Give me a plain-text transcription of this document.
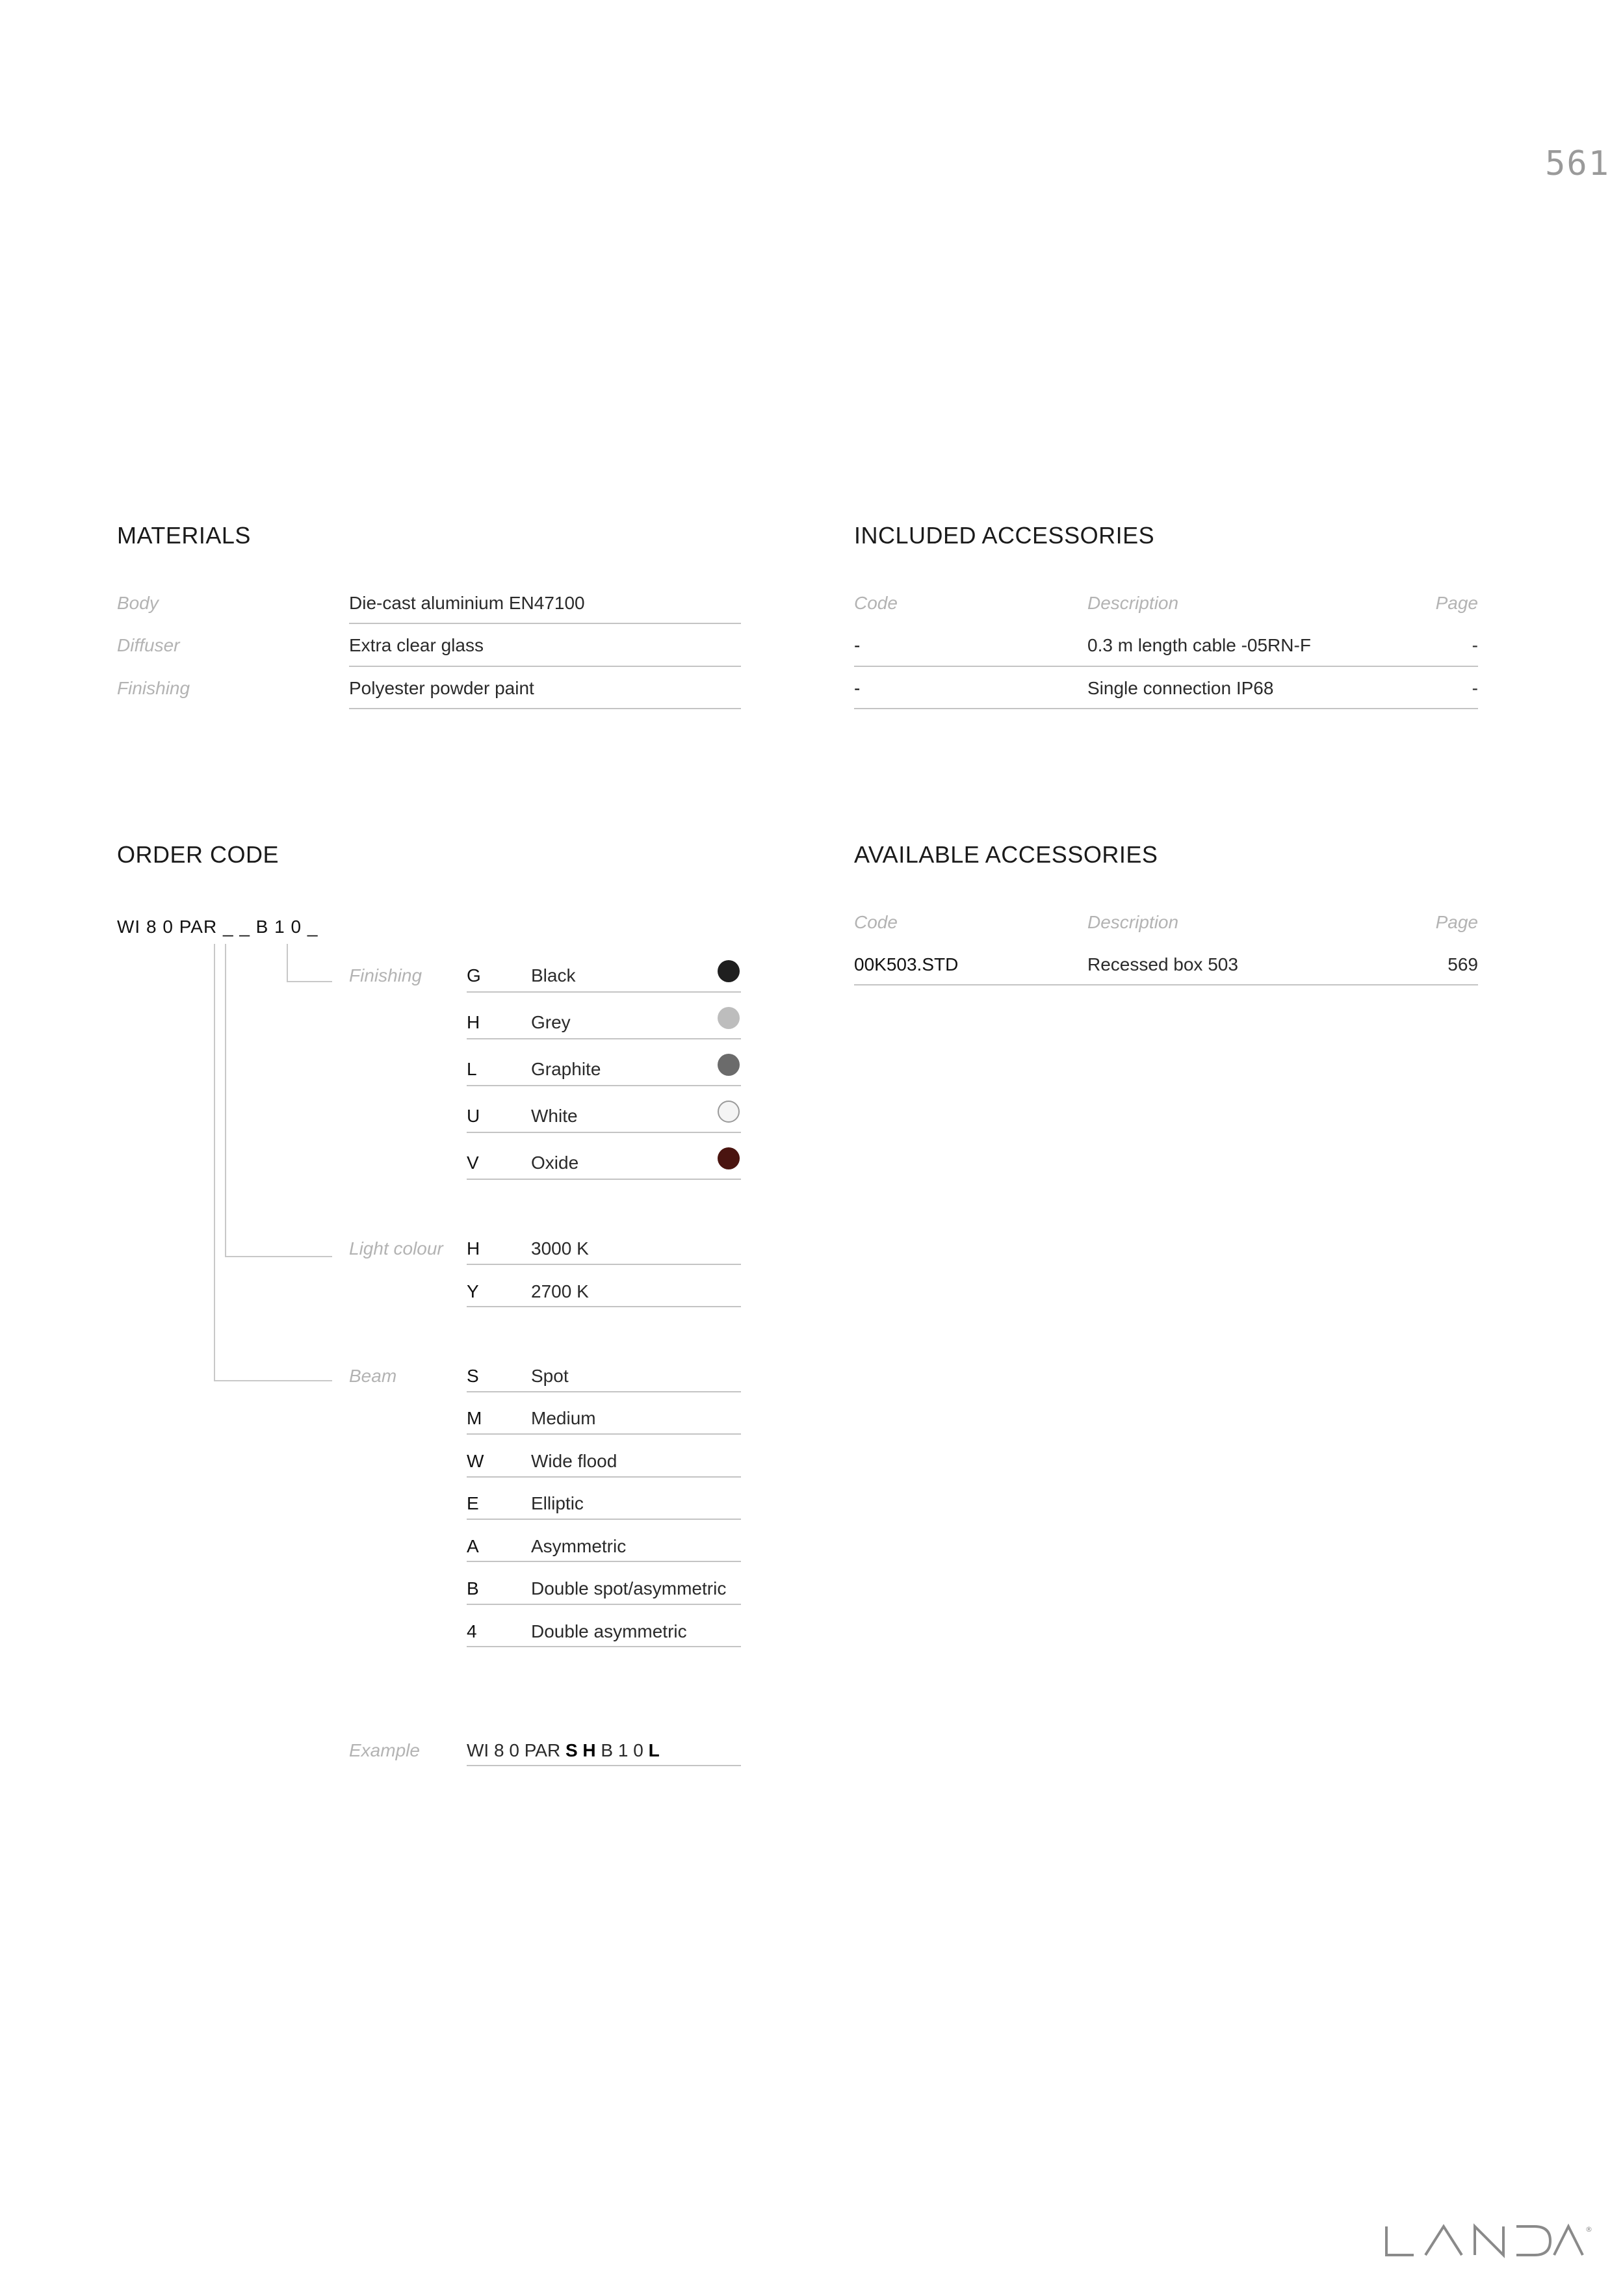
561
MATERIALS
Body	Die-cast aluminium EN47100
Diffuser	Extra clear glass
Finishing	Polyester powder paint
INCLUDED ACCESSORIES
Code	Description	Page
-	0.3 m length cable -05RN-F	-
-	Single connection IP68	-
ORDER CODE
WI 8 0 PAR _ _ B 1 0 _
Finishing G	Black
H	Grey
L	Graphite
U	White
V	Oxide
Light colour H	3000 K
Y	2700 K
Beam	S	Spot
M	Medium
W	Wide flood
E	Elliptic
A	Asymmetric
B	Double spot/asymmetric
4	Double asymmetric
Example	WI 8 0 PAR S H B 1 0 L
AVAILABLE ACCESSORIES
Code	Description	Page
00K503.STD	Recessed box 503	569
®
